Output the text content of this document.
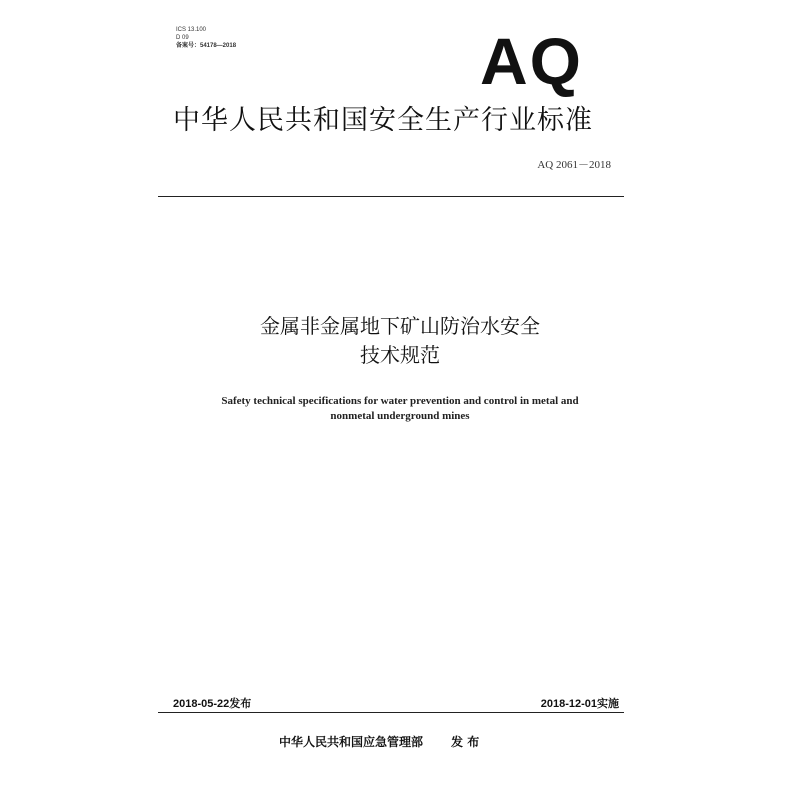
ICS 13.100
D 09
备案号：54178—2018	AQ
中华人民共和国安全生产行业标准
AQ 2061－2018
金属非金属地下矿山防治水安全
技术规范
Safety technical specifications for water prevention and control in metal and
nonmetal underground mines
2018-05-22发布	2018-12-01实施
中华人民共和国应急管理部 发 布
